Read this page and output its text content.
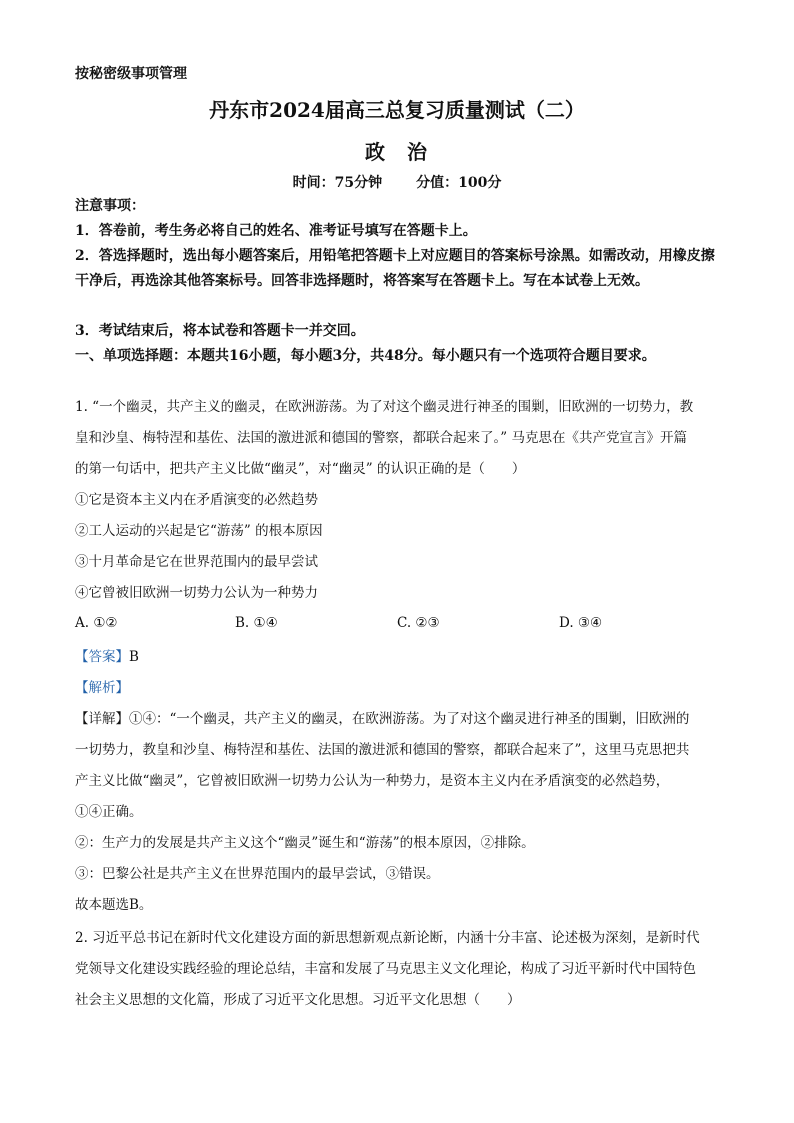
按秘密级事项管理
丹东市2024届高三总复习质量测试（二）
政 治
时间：75分钟 分值：100分
注意事项：
1．答卷前，考生务必将自己的姓名、准考证号填写在答题卡上。
2．答选择题时，选出每小题答案后，用铅笔把答题卡上对应题目的答案标号涂黑。如需改动，用橡皮擦干净后，再选涂其他答案标号。回答非选择题时，将答案写在答题卡上。写在本试卷上无效。
3．考试结束后，将本试卷和答题卡一并交回。
一、单项选择题：本题共16小题，每小题3分，共48分。每小题只有一个选项符合题目要求。
1. “一个幽灵，共产主义的幽灵，在欧洲游荡。为了对这个幽灵进行神圣的围剿，旧欧洲的一切势力，教
皇和沙皇、梅特涅和基佐、法国的激进派和德国的警察，都联合起来了。” 马克思在《共产党宣言》开篇
的第一句话中，把共产主义比做“幽灵”，对“幽灵” 的认识正确的是（　　）
①它是资本主义内在矛盾演变的必然趋势
②工人运动的兴起是它“游荡” 的根本原因
③十月革命是它在世界范围内的最早尝试
④它曾被旧欧洲一切势力公认为一种势力
A. ①②	B. ①④	C. ②③	D. ③④
【答案】B
【解析】
【详解】①④：“一个幽灵，共产主义的幽灵，在欧洲游荡。为了对这个幽灵进行神圣的围剿，旧欧洲的
一切势力，教皇和沙皇、梅特涅和基佐、法国的激进派和德国的警察，都联合起来了”，这里马克思把共
产主义比做“幽灵”，它曾被旧欧洲一切势力公认为一种势力，是资本主义内在矛盾演变的必然趋势，
①④正确。
②：生产力的发展是共产主义这个“幽灵”诞生和“游荡”的根本原因，②排除。
③：巴黎公社是共产主义在世界范围内的最早尝试，③错误。
故本题选B。
2. 习近平总书记在新时代文化建设方面的新思想新观点新论断，内涵十分丰富、论述极为深刻，是新时代
党领导文化建设实践经验的理论总结，丰富和发展了马克思主义文化理论，构成了习近平新时代中国特色
社会主义思想的文化篇，形成了习近平文化思想。习近平文化思想（　　）
